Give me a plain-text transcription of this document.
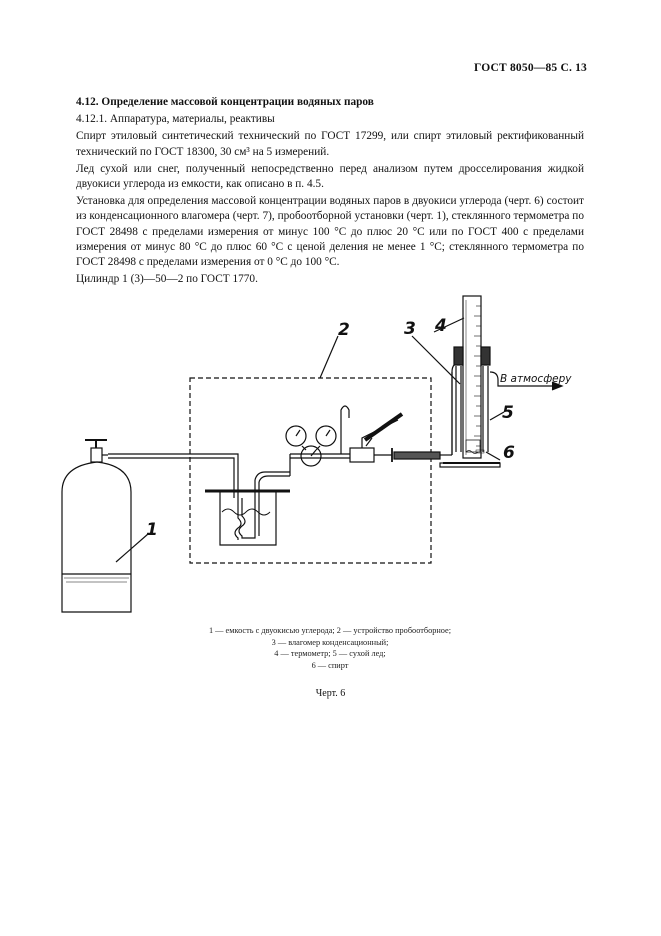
ГОСТ 8050—85 С. 13

4.12. Определение массовой концентрации водяных паров

4.12.1. Аппаратура, материалы, реактивы

Спирт этиловый синтетический технический по ГОСТ 17299, или спирт этиловый ректификованный технический по ГОСТ 18300, 30 см³ на 5 измерений.

Лед сухой или снег, полученный непосредственно перед анализом путем дросселирования жидкой двуокиси углерода из емкости, как описано в п. 4.5.

Установка для определения массовой концентрации водяных паров в двуокиси углерода (черт. 6) состоит из конденсационного влагомера (черт. 7), пробоотборной установки (черт. 1), стеклянного термометра по ГОСТ 28498 с пределами измерения от минус 100 °С до плюс 20 °С или по ГОСТ 400 с пределами измерения от минус 80 °С до плюс 60 °С с ценой деления не менее 1 °С; стеклянного термометра по ГОСТ 28498 с пределами измерения от 0 °С до 100 °С.

Цилиндр 1 (3)—50—2 по ГОСТ 1770.

1
2	3 4
5
6
В атмосферу
1 — емкость с двуокисью углерода; 2 — устройство пробоотборное;
3 — влагомер конденсационный;
4 — термометр; 5 — сухой лед;
6 — спирт
Черт. 6
